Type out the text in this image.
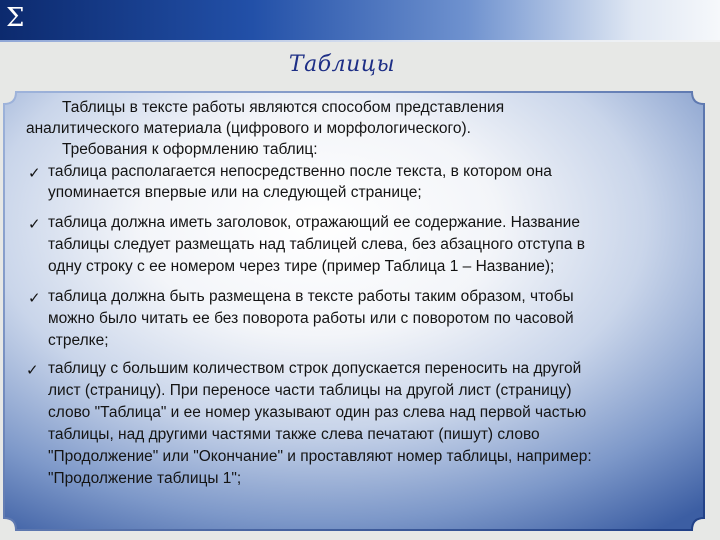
Σ
Таблицы
Таблицы в тексте работы являются способом представления
аналитического материала (цифрового и морфологического).
Требования к оформлению таблиц:
✓ таблица располагается непосредственно после текста, в котором она
упоминается впервые или на следующей странице;
✓ таблица должна иметь заголовок, отражающий ее содержание. Название
таблицы следует размещать над таблицей слева, без абзацного отступа в
одну строку с ее номером через тире (пример Таблица 1 – Название);
✓ таблица должна быть размещена в тексте работы таким образом, чтобы
можно было читать ее без поворота работы или с поворотом по часовой
стрелке;
✓ таблицу с большим количеством строк допускается переносить на другой
лист (страницу). При переносе части таблицы на другой лист (страницу)
слово "Таблица" и ее номер указывают один раз слева над первой частью
таблицы, над другими частями также слева печатают (пишут) слово
"Продолжение" или "Окончание" и проставляют номер таблицы, например:
"Продолжение таблицы 1";
